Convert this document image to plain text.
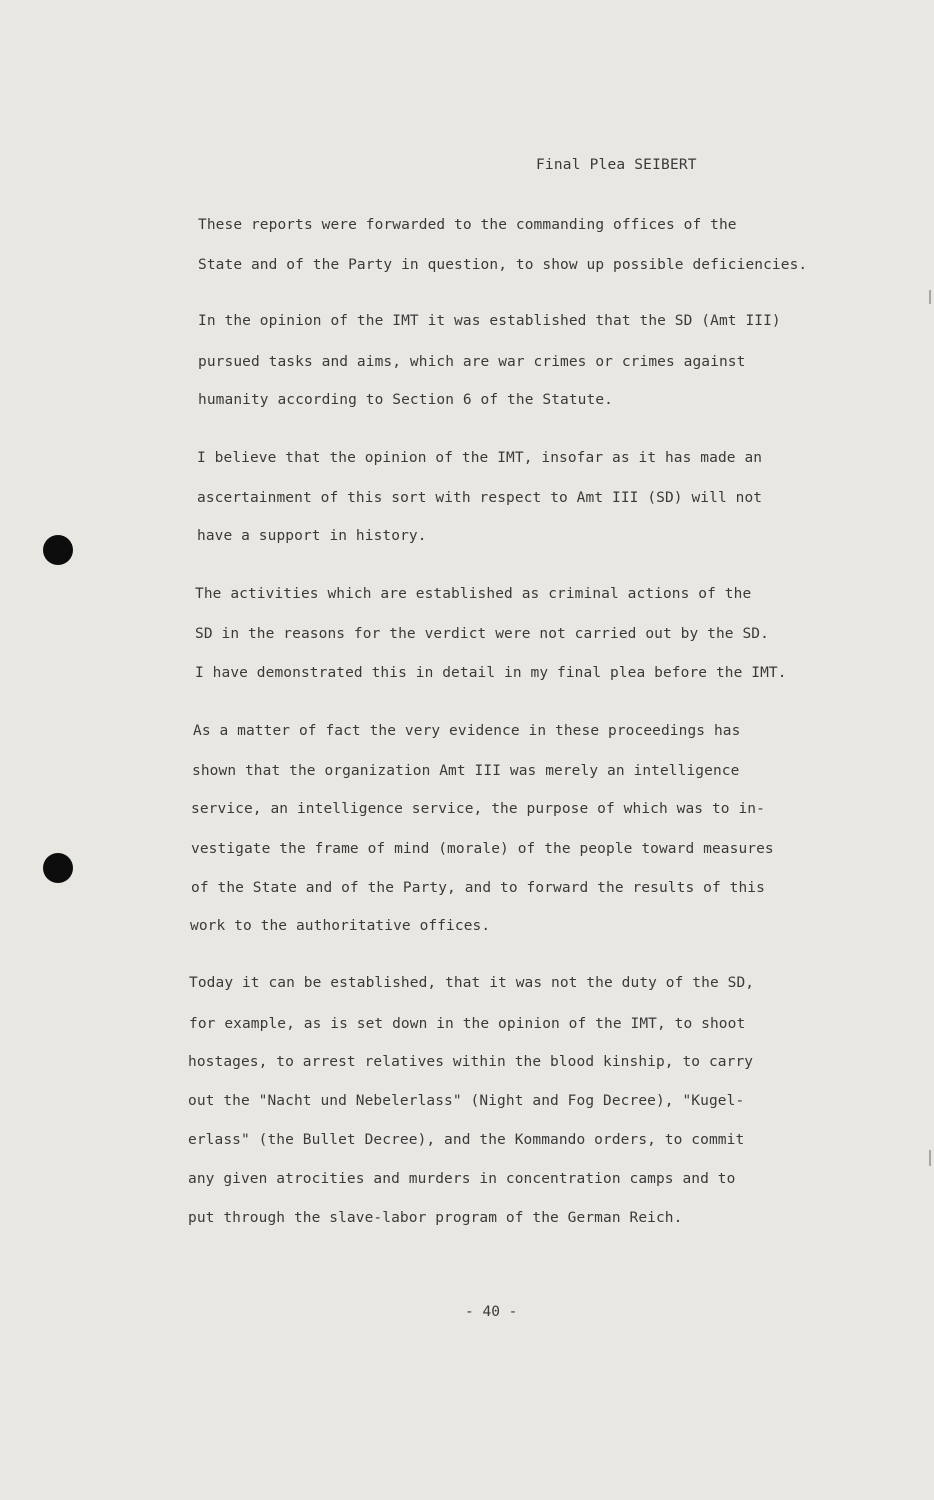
Final Plea SEIBERT
These reports were forwarded to the commanding offices of the
State and of the Party in question, to show up possible deficiencies.
In the opinion of the IMT it was established that the SD (Amt III)
pursued tasks and aims, which are war crimes or crimes against
humanity according to Section 6 of the Statute.
I believe that the opinion of the IMT, insofar as it has made an
ascertainment of this sort with respect to Amt III (SD) will not
have a support in history.
The activities which are established as criminal actions of the
SD in the reasons for the verdict were not carried out by the SD.
I have demonstrated this in detail in my final plea before the IMT.
As a matter of fact the very evidence in these proceedings has
shown that the organization Amt III was merely an intelligence
service, an intelligence service, the purpose of which was to in-
vestigate the frame of mind (morale) of the people toward measures
of the State and of the Party, and to forward the results of this
work to the authoritative offices.
Today it can be established, that it was not the duty of the SD,
for example, as is set down in the opinion of the IMT, to shoot
hostages, to arrest relatives within the blood kinship, to carry
out the "Nacht und Nebelerlass" (Night and Fog Decree), "Kugel-
erlass" (the Bullet Decree), and the Kommando orders, to commit
any given atrocities and murders in concentration camps and to
put through the slave-labor program of the German Reich.
- 40 -
